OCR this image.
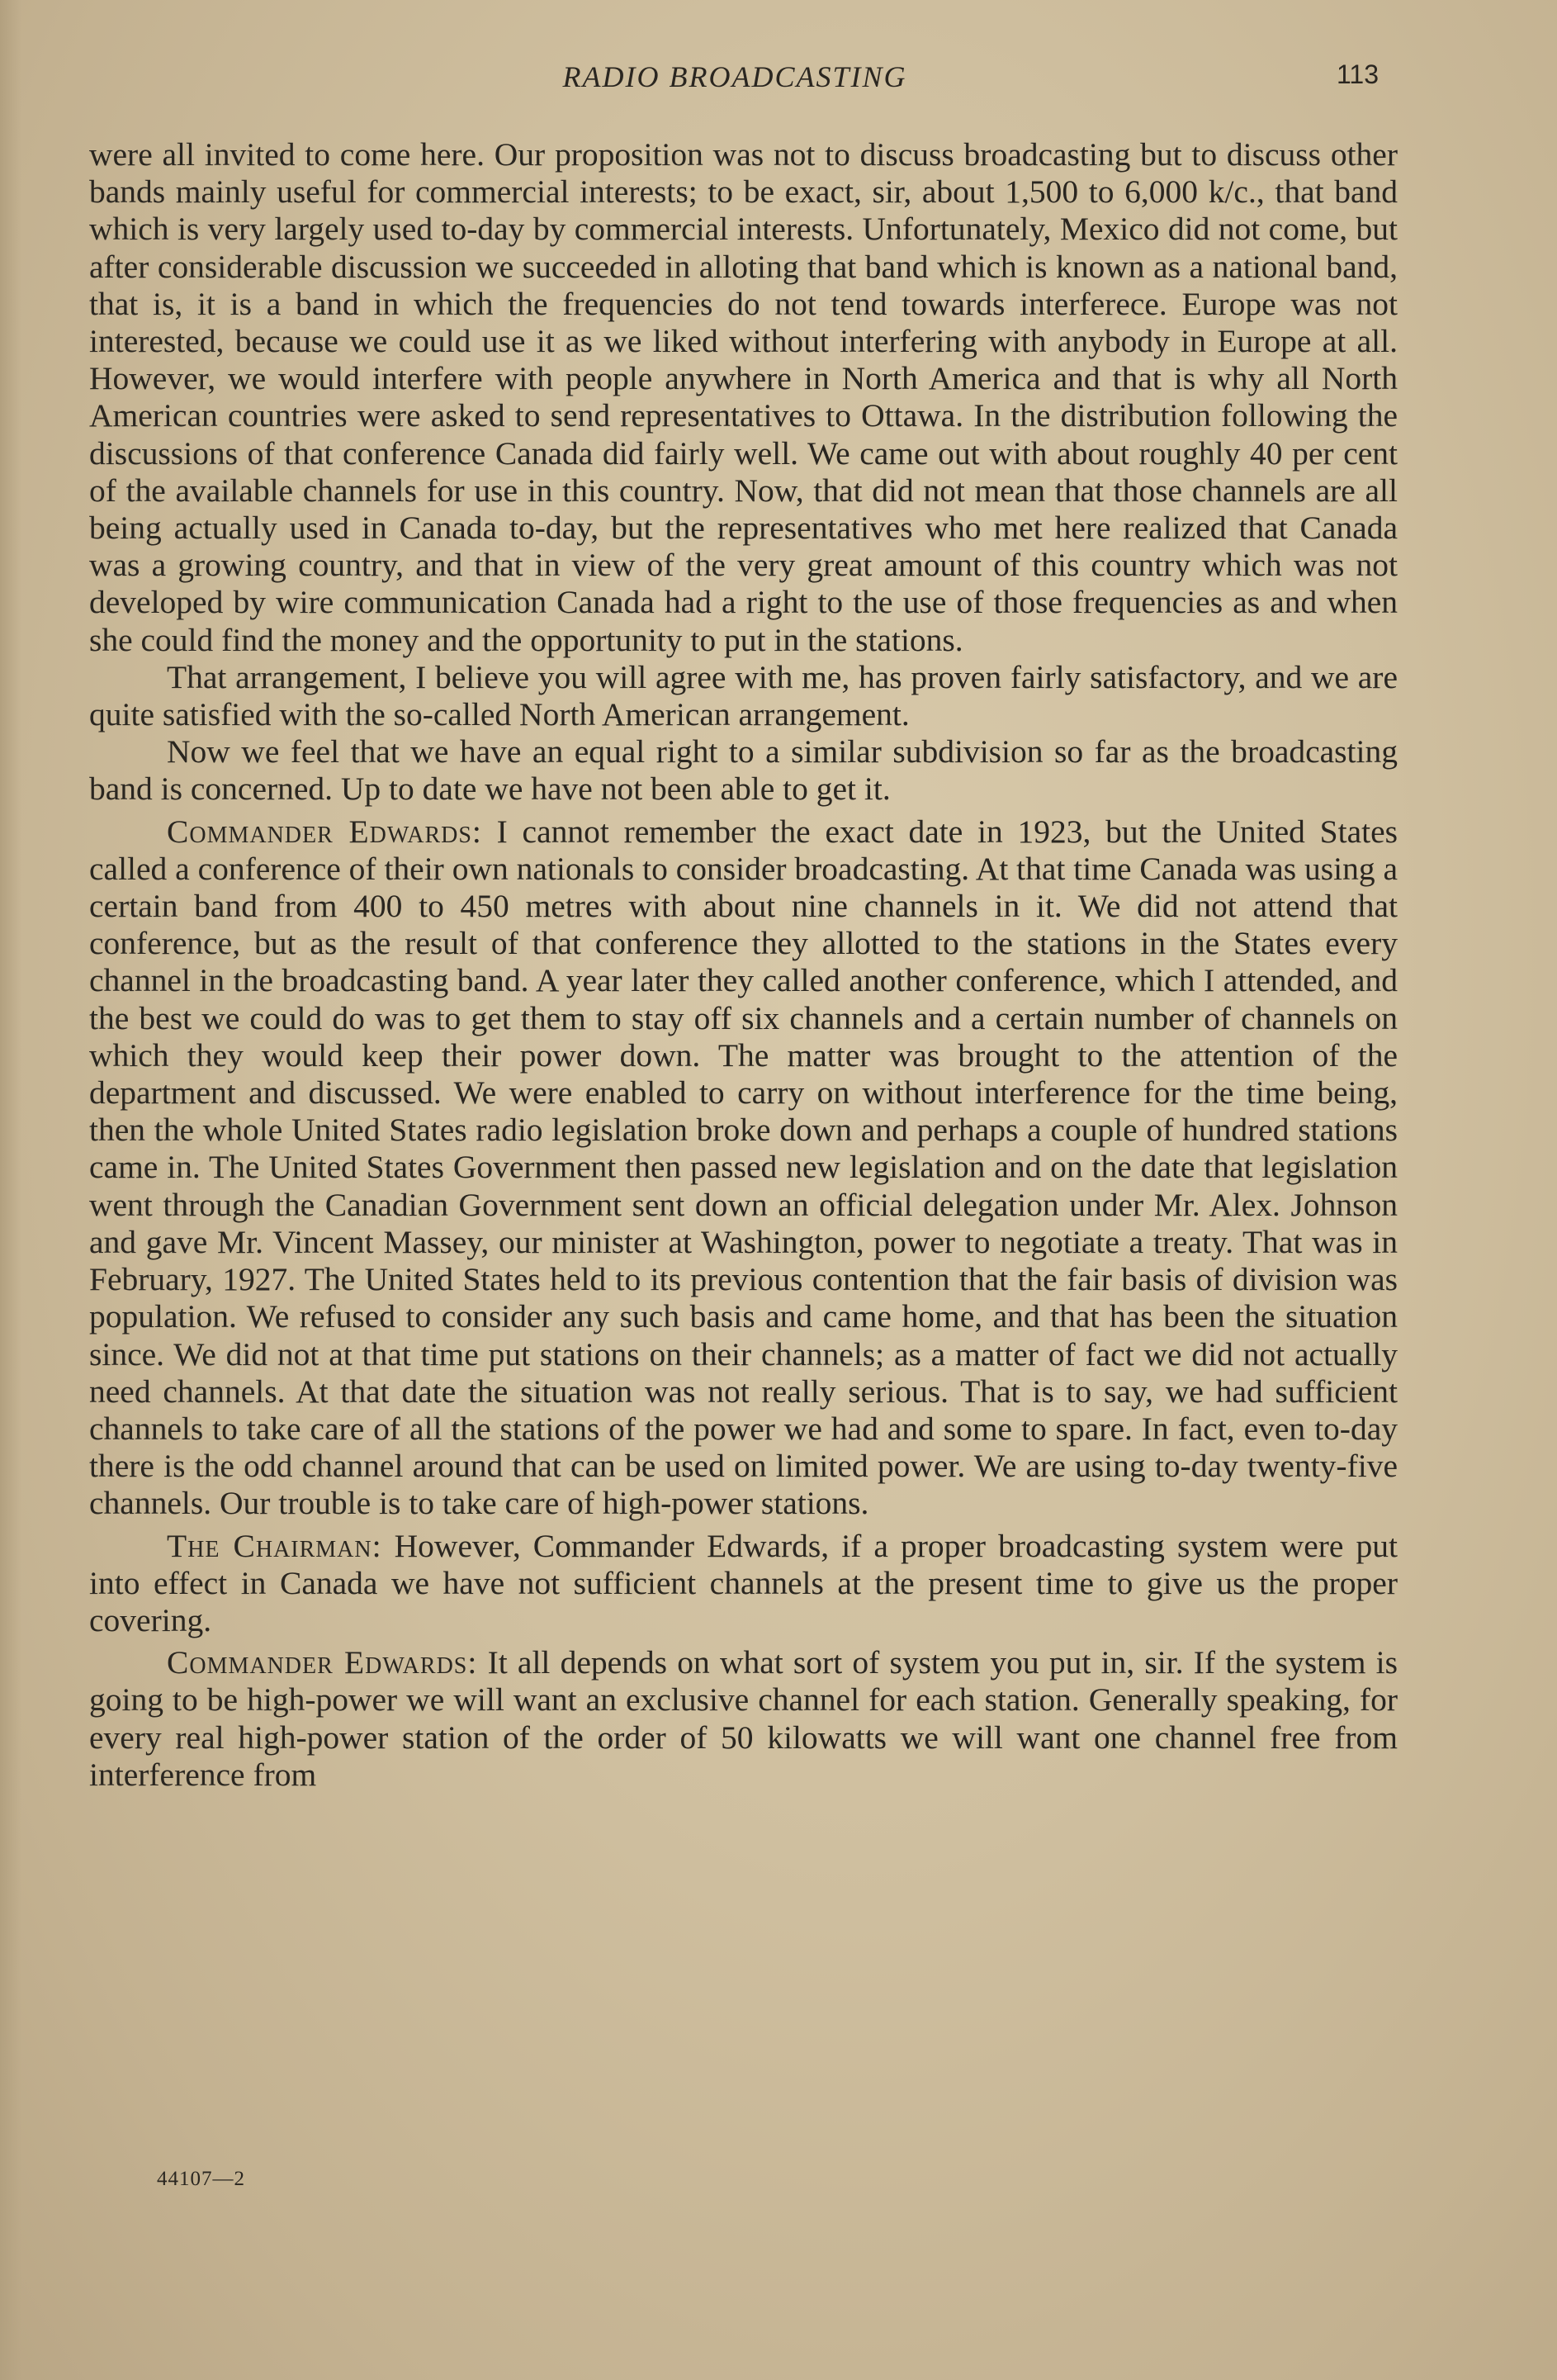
RADIO BROADCASTING	113

were all invited to come here. Our proposition was not to discuss broadcasting but to discuss other bands mainly useful for commercial interests; to be exact, sir, about 1,500 to 6,000 k/c., that band which is very largely used to-day by commercial interests. Unfortunately, Mexico did not come, but after considerable discussion we succeeded in alloting that band which is known as a national band, that is, it is a band in which the frequencies do not tend towards interferece. Europe was not interested, because we could use it as we liked without interfering with anybody in Europe at all. However, we would interfere with people anywhere in North America and that is why all North American countries were asked to send representatives to Ottawa. In the distribution following the discussions of that conference Canada did fairly well. We came out with about roughly 40 per cent of the available channels for use in this country. Now, that did not mean that those channels are all being actually used in Canada to-day, but the representatives who met here realized that Canada was a growing country, and that in view of the very great amount of this country which was not developed by wire communication Canada had a right to the use of those frequencies as and when she could find the money and the opportunity to put in the stations.

That arrangement, I believe you will agree with me, has proven fairly satisfactory, and we are quite satisfied with the so-called North American arrangement.

Now we feel that we have an equal right to a similar subdivision so far as the broadcasting band is concerned. Up to date we have not been able to get it.

Commander Edwards: I cannot remember the exact date in 1923, but the United States called a conference of their own nationals to consider broadcasting. At that time Canada was using a certain band from 400 to 450 metres with about nine channels in it. We did not attend that conference, but as the result of that conference they allotted to the stations in the States every channel in the broadcasting band. A year later they called another conference, which I attended, and the best we could do was to get them to stay off six channels and a certain number of channels on which they would keep their power down. The matter was brought to the attention of the department and discussed. We were enabled to carry on without interference for the time being, then the whole United States radio legislation broke down and perhaps a couple of hundred stations came in. The United States Government then passed new legislation and on the date that legislation went through the Canadian Government sent down an official delegation under Mr. Alex. Johnson and gave Mr. Vincent Massey, our minister at Washington, power to negotiate a treaty. That was in February, 1927. The United States held to its previous contention that the fair basis of division was population. We refused to consider any such basis and came home, and that has been the situation since. We did not at that time put stations on their channels; as a matter of fact we did not actually need channels. At that date the situation was not really serious. That is to say, we had sufficient channels to take care of all the stations of the power we had and some to spare. In fact, even to-day there is the odd channel around that can be used on limited power. We are using to-day twenty-five channels. Our trouble is to take care of high-power stations.

The Chairman: However, Commander Edwards, if a proper broadcasting system were put into effect in Canada we have not sufficient channels at the present time to give us the proper covering.

Commander Edwards: It all depends on what sort of system you put in, sir. If the system is going to be high-power we will want an exclusive channel for each station. Generally speaking, for every real high-power station of the order of 50 kilowatts we will want one channel free from interference from

44107—2
